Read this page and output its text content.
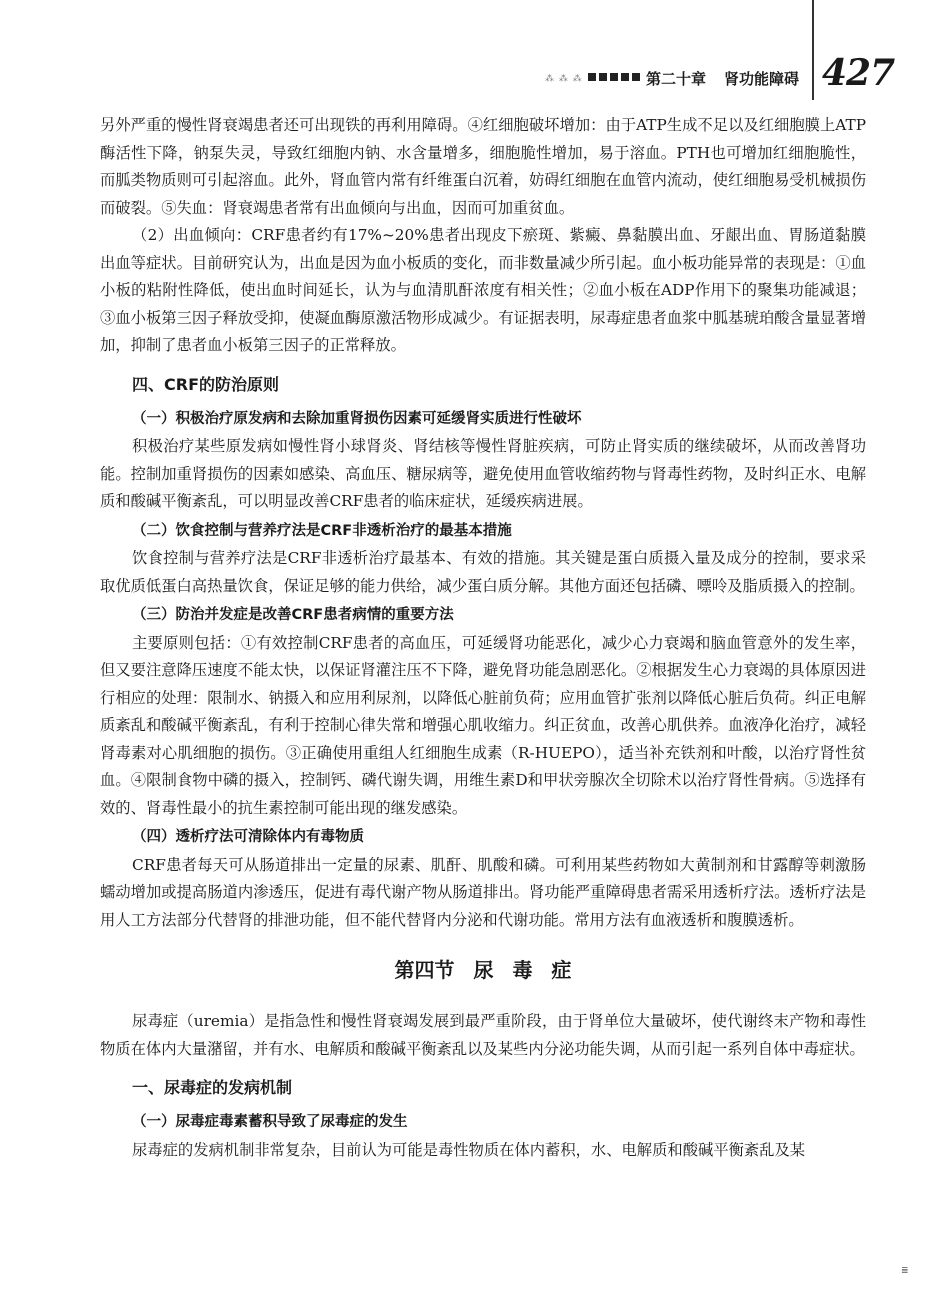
⁂ ⁂ ⁂	第二十章 肾功能障碍 427

另外严重的慢性肾衰竭患者还可出现铁的再利用障碍。④红细胞破坏增加：由于ATP生成不足以及红细胞膜上ATP酶活性下降，钠泵失灵，导致红细胞内钠、水含量增多，细胞脆性增加，易于溶血。PTH也可增加红细胞脆性，而胍类物质则可引起溶血。此外，肾血管内常有纤维蛋白沉着，妨碍红细胞在血管内流动，使红细胞易受机械损伤而破裂。⑤失血：肾衰竭患者常有出血倾向与出血，因而可加重贫血。

（2）出血倾向：CRF患者约有17%~20%患者出现皮下瘀斑、紫癜、鼻黏膜出血、牙龈出血、胃肠道黏膜出血等症状。目前研究认为，出血是因为血小板质的变化，而非数量减少所引起。血小板功能异常的表现是：①血小板的粘附性降低，使出血时间延长，认为与血清肌酐浓度有相关性；②血小板在ADP作用下的聚集功能减退；③血小板第三因子释放受抑，使凝血酶原激活物形成减少。有证据表明，尿毒症患者血浆中胍基琥珀酸含量显著增加，抑制了患者血小板第三因子的正常释放。

四、CRF的防治原则
（一）积极治疗原发病和去除加重肾损伤因素可延缓肾实质进行性破坏

积极治疗某些原发病如慢性肾小球肾炎、肾结核等慢性肾脏疾病，可防止肾实质的继续破坏，从而改善肾功能。控制加重肾损伤的因素如感染、高血压、糖尿病等，避免使用血管收缩药物与肾毒性药物，及时纠正水、电解质和酸碱平衡紊乱，可以明显改善CRF患者的临床症状，延缓疾病进展。

（二）饮食控制与营养疗法是CRF非透析治疗的最基本措施

饮食控制与营养疗法是CRF非透析治疗最基本、有效的措施。其关键是蛋白质摄入量及成分的控制，要求采取优质低蛋白高热量饮食，保证足够的能力供给，减少蛋白质分解。其他方面还包括磷、嘌呤及脂质摄入的控制。

（三）防治并发症是改善CRF患者病情的重要方法

主要原则包括：①有效控制CRF患者的高血压，可延缓肾功能恶化，减少心力衰竭和脑血管意外的发生率，但又要注意降压速度不能太快，以保证肾灌注压不下降，避免肾功能急剧恶化。②根据发生心力衰竭的具体原因进行相应的处理：限制水、钠摄入和应用利尿剂，以降低心脏前负荷；应用血管扩张剂以降低心脏后负荷。纠正电解质紊乱和酸碱平衡紊乱，有利于控制心律失常和增强心肌收缩力。纠正贫血，改善心肌供养。血液净化治疗，减轻肾毒素对心肌细胞的损伤。③正确使用重组人红细胞生成素（R-HUEPO），适当补充铁剂和叶酸，以治疗肾性贫血。④限制食物中磷的摄入，控制钙、磷代谢失调，用维生素D和甲状旁腺次全切除术以治疗肾性骨病。⑤选择有效的、肾毒性最小的抗生素控制可能出现的继发感染。

（四）透析疗法可清除体内有毒物质

CRF患者每天可从肠道排出一定量的尿素、肌酐、肌酸和磷。可利用某些药物如大黄制剂和甘露醇等刺激肠蠕动增加或提高肠道内渗透压，促进有毒代谢产物从肠道排出。肾功能严重障碍患者需采用透析疗法。透析疗法是用人工方法部分代替肾的排泄功能，但不能代替肾内分泌和代谢功能。常用方法有血液透析和腹膜透析。

第四节 尿 毒 症

尿毒症（uremia）是指急性和慢性肾衰竭发展到最严重阶段，由于肾单位大量破坏，使代谢终末产物和毒性物质在体内大量潴留，并有水、电解质和酸碱平衡紊乱以及某些内分泌功能失调，从而引起一系列自体中毒症状。

一、尿毒症的发病机制
（一）尿毒症毒素蓄积导致了尿毒症的发生

尿毒症的发病机制非常复杂，目前认为可能是毒性物质在体内蓄积，水、电解质和酸碱平衡紊乱及某

≣
